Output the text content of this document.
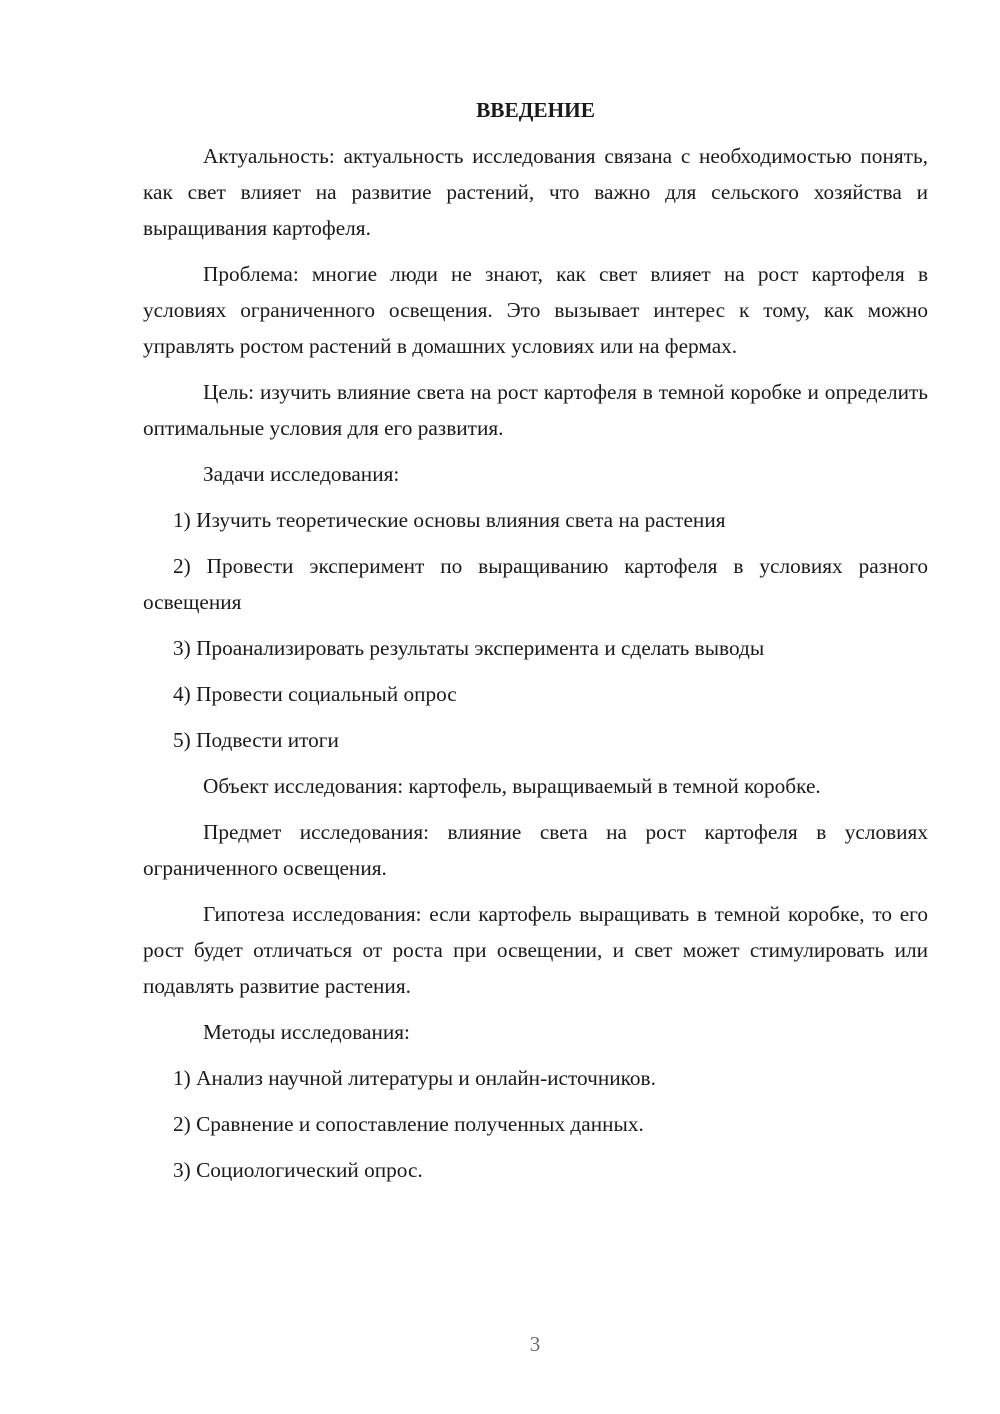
ВВЕДЕНИЕ

Актуальность: актуальность исследования связана с необходимостью понять, как свет влияет на развитие растений, что важно для сельского хозяйства и выращивания картофеля.

Проблема: многие люди не знают, как свет влияет на рост картофеля в условиях ограниченного освещения. Это вызывает интерес к тому, как можно управлять ростом растений в домашних условиях или на фермах.

Цель: изучить влияние света на рост картофеля в темной коробке и определить оптимальные условия для его развития.

Задачи исследования:

1) Изучить теоретические основы влияния света на растения

2) Провести эксперимент по выращиванию картофеля в условиях разного освещения

3) Проанализировать результаты эксперимента и сделать выводы

4) Провести социальный опрос

5) Подвести итоги

Объект исследования: картофель, выращиваемый в темной коробке.

Предмет исследования: влияние света на рост картофеля в условиях ограниченного освещения.

Гипотеза исследования: если картофель выращивать в темной коробке, то его рост будет отличаться от роста при освещении, и свет может стимулировать или подавлять развитие растения.

Методы исследования:

1) Анализ научной литературы и онлайн-источников.

2) Сравнение и сопоставление полученных данных.

3) Социологический опрос.

3
